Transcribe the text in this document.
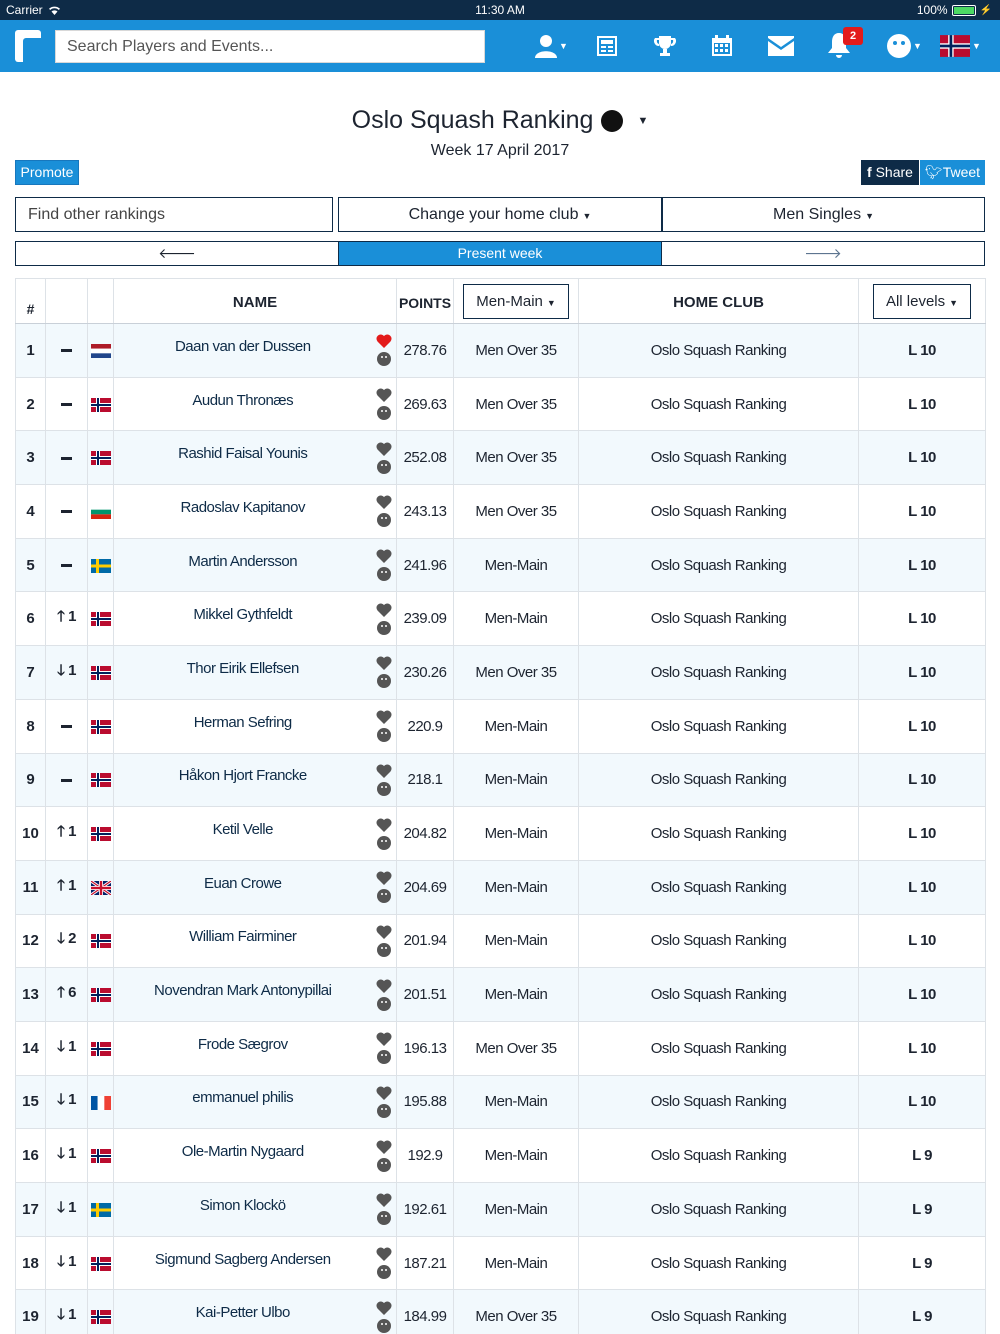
Carrier	11:30 AM	100%	⚡
Search Players and Events...
▼
2
▼	▼
Oslo Squash Ranking	▼
Week 17 April 2017
Promote	f Share 🐦︎Tweet
Find other rankings	Change your home club ▼	Men Singles ▼
🡐	Present week	🡒
#			NAME		POINTS	Men-Main ▼	HOME CLUB	All levels ▼
1			Daan van der Dussen		278.76	Men Over 35	Oslo Squash Ranking	L 10
2			Audun Thronæs		269.63	Men Over 35	Oslo Squash Ranking	L 10
3			Rashid Faisal Younis		252.08	Men Over 35	Oslo Squash Ranking	L 10
4			Radoslav Kapitanov		243.13	Men Over 35	Oslo Squash Ranking	L 10
5			Martin Andersson		241.96	Men-Main	Oslo Squash Ranking	L 10
6	🡑 1		Mikkel Gythfeldt		239.09	Men-Main	Oslo Squash Ranking	L 10
7	🡓 1		Thor Eirik Ellefsen		230.26	Men Over 35	Oslo Squash Ranking	L 10
8			Herman Sefring		220.9	Men-Main	Oslo Squash Ranking	L 10
9			Håkon Hjort Francke		218.1	Men-Main	Oslo Squash Ranking	L 10
10	🡑 1		Ketil Velle		204.82	Men-Main	Oslo Squash Ranking	L 10
11	🡑 1		Euan Crowe		204.69	Men-Main	Oslo Squash Ranking	L 10
12	🡓 2		William Fairminer		201.94	Men-Main	Oslo Squash Ranking	L 10
13	🡑 6		Novendran Mark Antonypillai		201.51	Men-Main	Oslo Squash Ranking	L 10
14	🡓 1		Frode Sægrov		196.13	Men Over 35	Oslo Squash Ranking	L 10
15	🡓 1		emmanuel philis		195.88	Men-Main	Oslo Squash Ranking	L 10
16	🡓 1		Ole-Martin Nygaard		192.9	Men-Main	Oslo Squash Ranking	L 9
17	🡓 1		Simon Klockö		192.61	Men-Main	Oslo Squash Ranking	L 9
18	🡓 1		Sigmund Sagberg Andersen		187.21	Men-Main	Oslo Squash Ranking	L 9
19	🡓 1		Kai-Petter Ulbo		184.99	Men Over 35	Oslo Squash Ranking	L 9
